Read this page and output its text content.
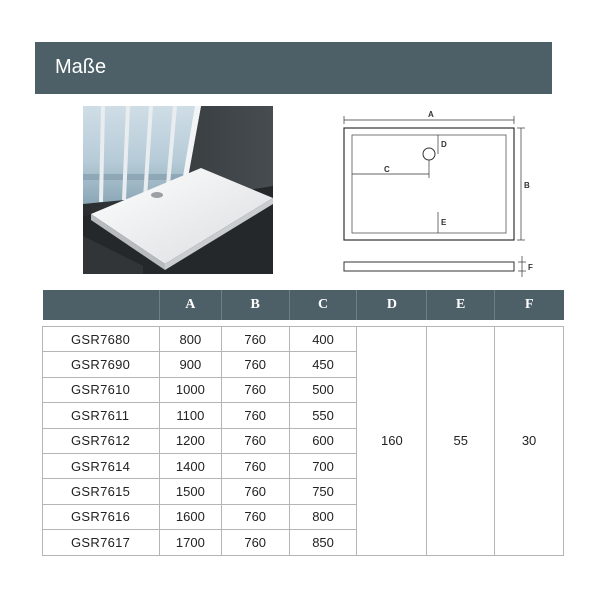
Maße
A
B
C
D
E
F
	A	B	C	D	E	F

GSR7680	800	760	400	160	55	30
GSR7690	900	760	450			
GSR7610	1000	760	500			
GSR7611	1100	760	550			
GSR7612	1200	760	600			
GSR7614	1400	760	700			
GSR7615	1500	760	750			
GSR7616	1600	760	800			
GSR7617	1700	760	850			
